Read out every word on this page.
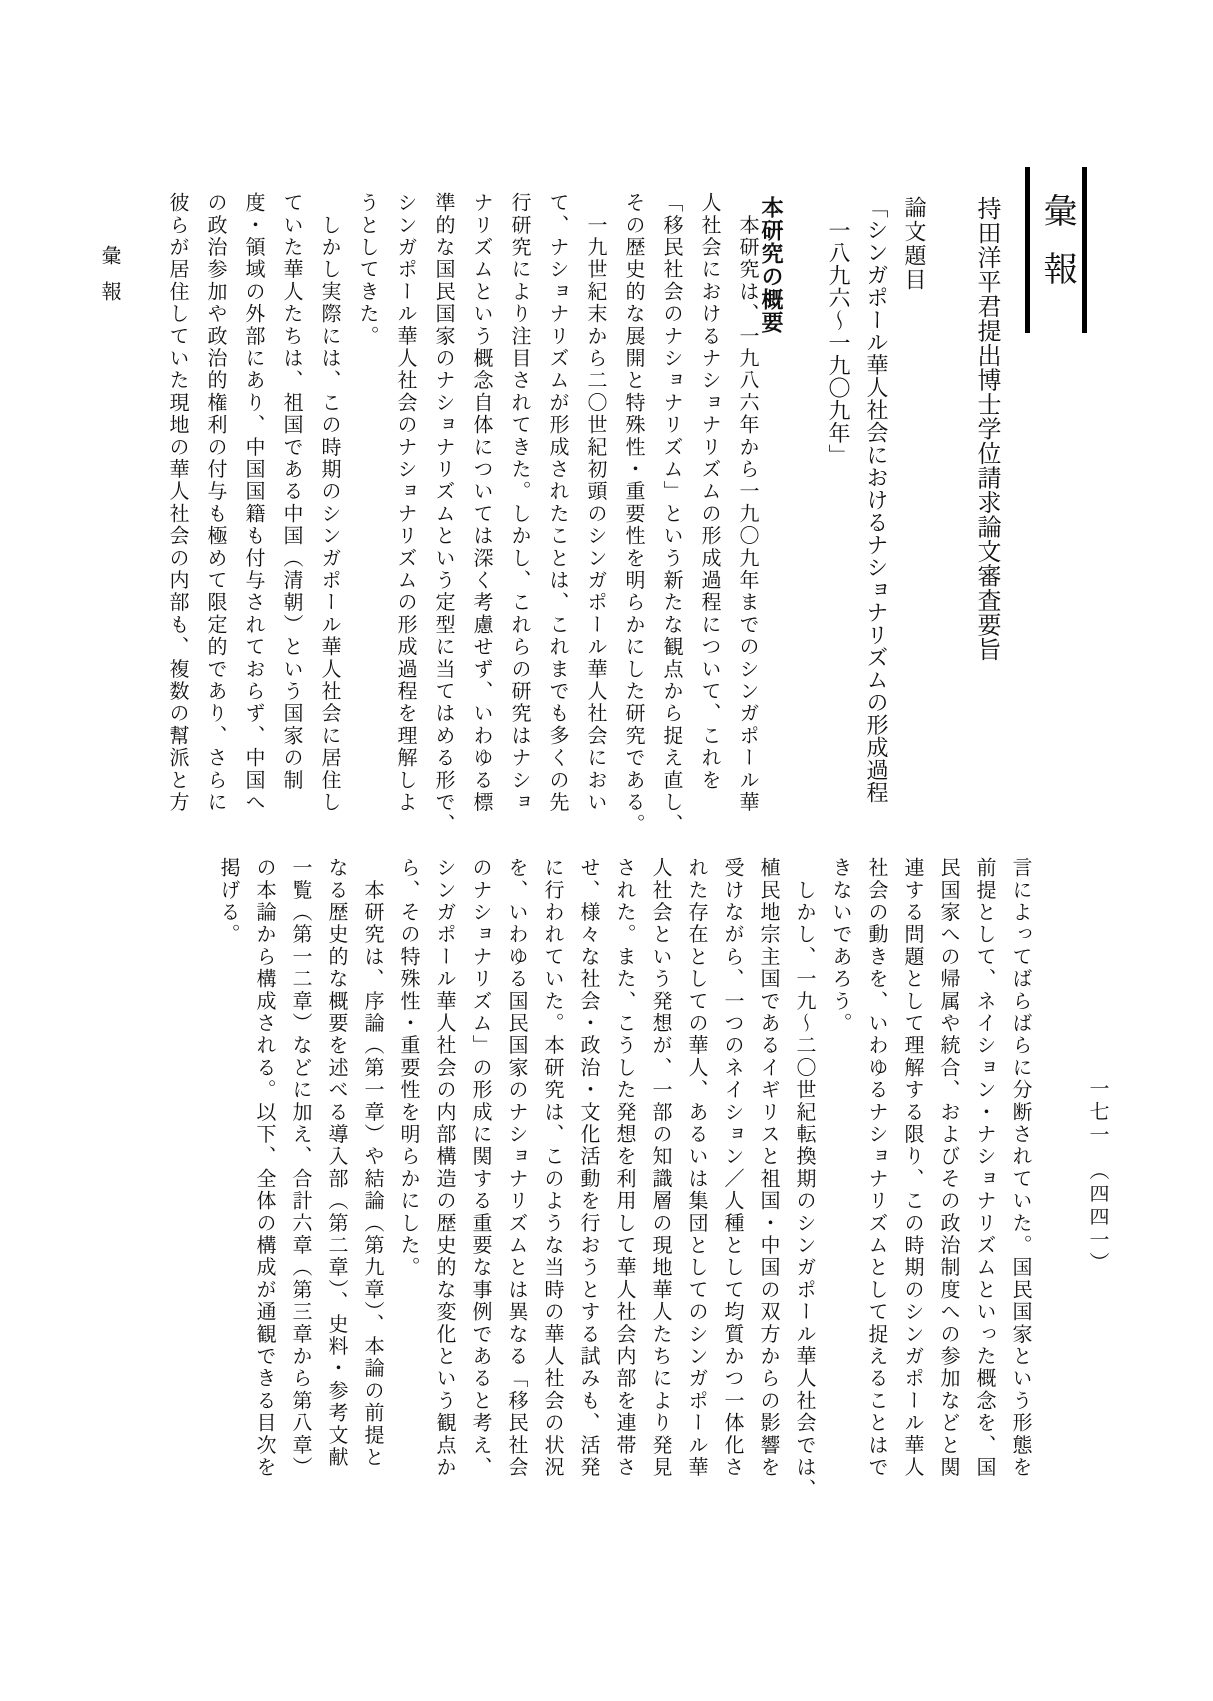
彙報
持田洋平君提出博士学位請求論文審査要旨
論文題目
「シンガポール華人社会におけるナショナリズムの形成過程
一八九六〜一九〇九年」
本研究の概要
　本研究は、一九八六年から一九〇九年までのシンガポール華
人社会におけるナショナリズムの形成過程について、これを
「移民社会のナショナリズム」という新たな観点から捉え直し、
その歴史的な展開と特殊性・重要性を明らかにした研究である。
　一九世紀末から二〇世紀初頭のシンガポール華人社会におい
て、ナショナリズムが形成されたことは、これまでも多くの先
行研究により注目されてきた。しかし、これらの研究はナショ
ナリズムという概念自体については深く考慮せず、いわゆる標
準的な国民国家のナショナリズムという定型に当てはめる形で、
シンガポール華人社会のナショナリズムの形成過程を理解しよ
うとしてきた。
　しかし実際には、この時期のシンガポール華人社会に居住し
ていた華人たちは、祖国である中国（清朝）という国家の制
度・領域の外部にあり、中国国籍も付与されておらず、中国へ
の政治参加や政治的権利の付与も極めて限定的であり、さらに
彼らが居住していた現地の華人社会の内部も、複数の幫派と方
言によってばらばらに分断されていた。国民国家という形態を
前提として、ネイション・ナショナリズムといった概念を、国
民国家への帰属や統合、およびその政治制度への参加などと関
連する問題として理解する限り、この時期のシンガポール華人
社会の動きを、いわゆるナショナリズムとして捉えることはで
きないであろう。
　しかし、一九〜二〇世紀転換期のシンガポール華人社会では、
植民地宗主国であるイギリスと祖国・中国の双方からの影響を
受けながら、一つのネイション／人種として均質かつ一体化さ
れた存在としての華人、あるいは集団としてのシンガポール華
人社会という発想が、一部の知識層の現地華人たちにより発見
された。また、こうした発想を利用して華人社会内部を連帯さ
せ、様々な社会・政治・文化活動を行おうとする試みも、活発
に行われていた。本研究は、このような当時の華人社会の状況
を、いわゆる国民国家のナショナリズムとは異なる「移民社会
のナショナリズム」の形成に関する重要な事例であると考え、
シンガポール華人社会の内部構造の歴史的な変化という観点か
ら、その特殊性・重要性を明らかにした。
　本研究は、序論（第一章）や結論（第九章）、本論の前提と
なる歴史的な概要を述べる導入部（第二章）、史料・参考文献
一覧（第一二章）などに加え、合計六章（第三章から第八章）
の本論から構成される。以下、全体の構成が通観できる目次を
掲げる。
彙報
一七一　（四四一）
